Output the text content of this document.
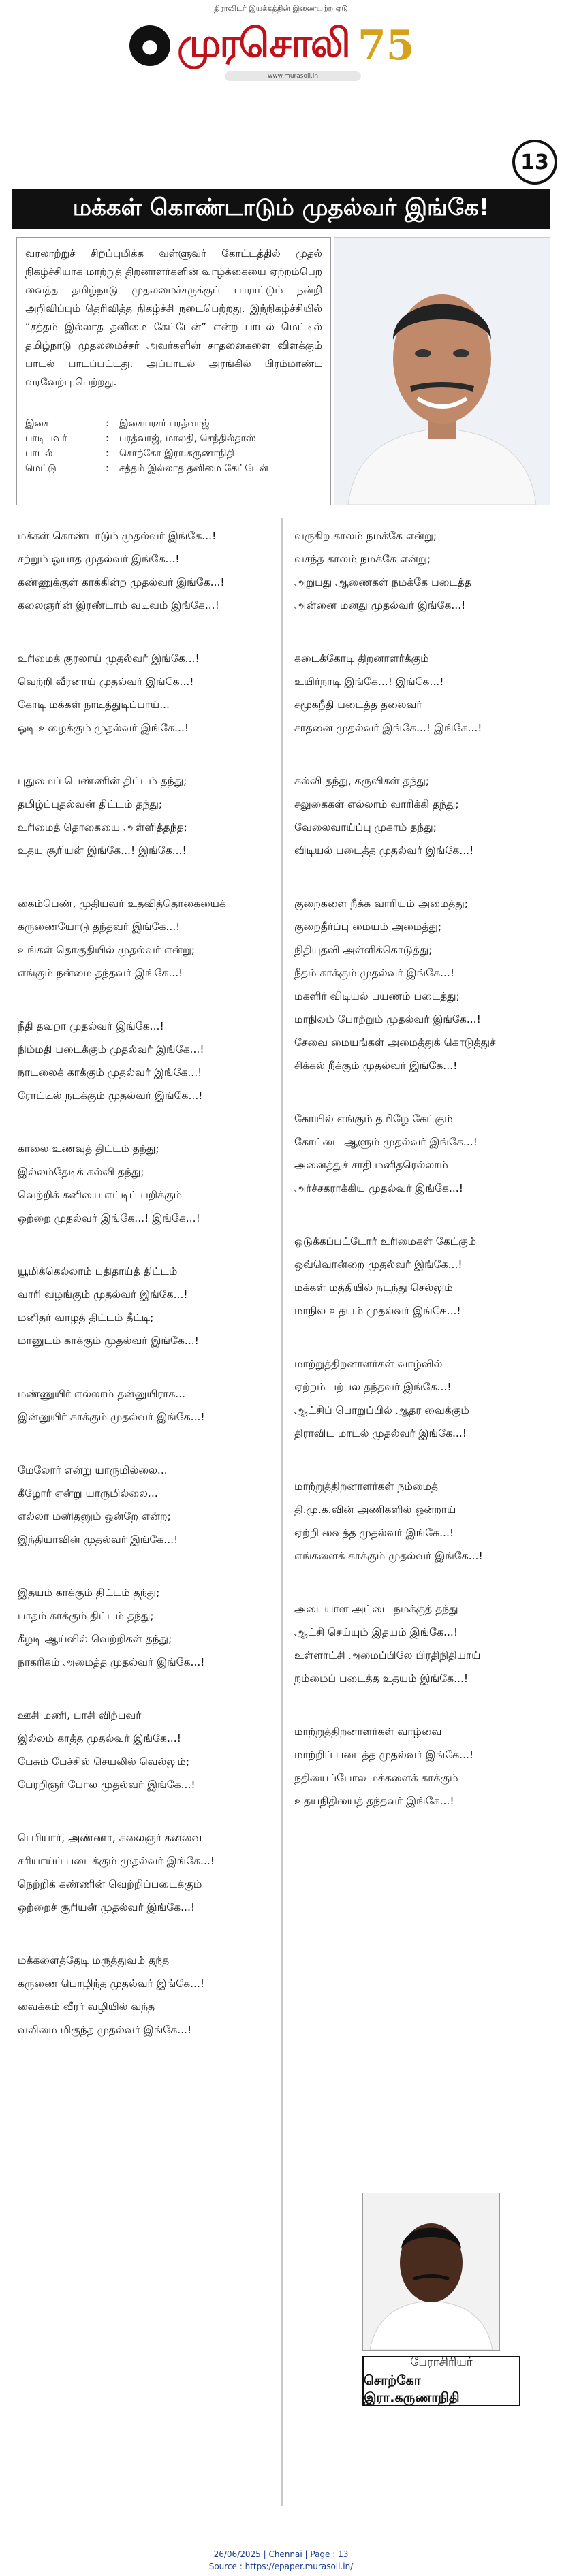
திராவிடர் இயக்கத்தின் இணையற்ற ஏடு
● முரசொலி 75
www.murasoli.in
13
மக்கள் கொண்டாடும் முதல்வர் இங்கே!
வரலாற்றுச் சிறப்புமிக்க வள்ளுவர் கோட்டத்தில் முதல் நிகழ்ச்சியாக மாற்றுத் திறனாளர்களின் வாழ்க்கையை ஏற்றம்பெற வைத்த தமிழ்நாடு முதலமைச்சருக்குப் பாராட்டும் நன்றி அறிவிப்பும் தெரிவித்த நிகழ்ச்சி நடைபெற்றது. இந்நிகழ்ச்சியில் “சத்தம் இல்லாத தனிமை கேட்டேன்” என்ற பாடல் மெட்டில் தமிழ்நாடு முதலமைச்சர் அவர்களின் சாதனைகளை விளக்கும் பாடல் பாடப்பட்டது. அப்பாடல் அரங்கில் பிரம்மாண்ட வரவேற்பு பெற்றது.
இசை	:	இசையரசர் பரத்வாஜ்
பாடியவர்	:	பரத்வாஜ், மாலதி, செந்தில்தாஸ்
பாடல்	:	சொற்கோ இரா.கருணாநிதி
மெட்டு	:	சத்தம் இல்லாத தனிமை கேட்டேன்
மக்கள் கொண்டாடும் முதல்வர் இங்கே...!
சற்றும் ஓயாத முதல்வர் இங்கே...!
கண்ணுக்குள் காக்கின்ற முதல்வர் இங்கே...!
கலைஞரின் இரண்டாம் வடிவம் இங்கே...!
உரிமைக் குரலாய் முதல்வர் இங்கே...!
வெற்றி வீரனாய் முதல்வர் இங்கே...!
கோடி மக்கள் நாடித்துடிப்பாய்...
ஓடி உழைக்கும் முதல்வர் இங்கே...!
புதுமைப் பெண்ணின் திட்டம் தந்து;
தமிழ்ப்புதல்வன் திட்டம் தந்து;
உரிமைத் தொகையை அள்ளித்தந்த;
உதய சூரியன் இங்கே...! இங்கே...!
கைம்பெண், முதியவர் உதவித்தொகையைக்
கருணையோடு தந்தவர் இங்கே...!
உங்கள் தொகுதியில் முதல்வர் என்று;
எங்கும் நன்மை தந்தவர் இங்கே...!
நீதி தவறா முதல்வர் இங்கே...!
நிம்மதி படைக்கும் முதல்வர் இங்கே...!
நாடலைக் காக்கும் முதல்வர் இங்கே...!
ரோட்டில் நடக்கும் முதல்வர் இங்கே...!
காலை உணவுத் திட்டம் தந்து;
இல்லம்தேடிக் கல்வி தந்து;
வெற்றிக் கனியை எட்டிப் பறிக்கும்
ஒற்றை முதல்வர் இங்கே...! இங்கே...!
யூமிக்கெல்லாம் புதிதாய்த் திட்டம்
வாரி வழங்கும் முதல்வர் இங்கே...!
மனிதர் வாழத் திட்டம் தீட்டி;
மானுடம் காக்கும் முதல்வர் இங்கே...!
மண்ணுயிர் எல்லாம் தன்னுயிராக...
இன்னுயிர் காக்கும் முதல்வர் இங்கே...!
மேலோர் என்று யாருமில்லை...
கீழோர் என்று யாருமில்லை...
எல்லா மனிதனும் ஒன்றே என்ற;
இந்தியாவின் முதல்வர் இங்கே...!
இதயம் காக்கும் திட்டம் தந்து;
பாதம் காக்கும் திட்டம் தந்து;
கீழடி ஆய்வில் வெற்றிகள் தந்து;
நாகரிகம் அமைத்த முதல்வர் இங்கே...!
ஊசி மணி, பாசி விற்பவர்
இல்லம் காத்த முதல்வர் இங்கே...!
பேசும் பேச்சில் செயலில் வெல்லும்;
பேரறிஞர் போல முதல்வர் இங்கே...!
பெரியார், அண்ணா, கலைஞர் கனவை
சரியாய்ப் படைக்கும் முதல்வர் இங்கே...!
நெற்றிக் கண்ணின் வெற்றிப்படைக்கும்
ஒற்றைச் சூரியன் முதல்வர் இங்கே...!
மக்களைத்தேடி மருத்துவம் தந்த
கருணை பொழிந்த முதல்வர் இங்கே...!
வைக்கம் வீரர் வழியில் வந்த
வலிமை மிகுந்த முதல்வர் இங்கே...!
வருகிற காலம் நமக்கே என்று;
வசந்த காலம் நமக்கே என்று;
அறுபது ஆணைகள் நமக்கே படைத்த
அன்னை மனது முதல்வர் இங்கே...!
கடைக்கோடி திறனாளர்க்கும்
உயிர்நாடி இங்கே...! இங்கே...!
சமூகநீதி படைத்த தலைவர்
சாதனை முதல்வர் இங்கே...! இங்கே...!
கல்வி தந்து, கருவிகள் தந்து;
சலுகைகள் எல்லாம் வாரிக்கி தந்து;
வேலைவாய்ப்பு முகாம் தந்து;
விடியல் படைத்த முதல்வர் இங்கே...!
குறைகளை நீக்க வாரியம் அமைத்து;
குறைதீர்ப்பு மையம் அமைத்து;
நிதியுதவி அள்ளிக்கொடுத்து;
நீதம் காக்கும் முதல்வர் இங்கே...!
மகளிர் விடியல் பயணம் படைத்து;
மாநிலம் போற்றும் முதல்வர் இங்கே...!
சேவை மையங்கள் அமைத்துக் கொடுத்துச்
சிக்கல் நீக்கும் முதல்வர் இங்கே...!
கோயில் எங்கும் தமிழே கேட்கும்
கோட்டை ஆளும் முதல்வர் இங்கே...!
அனைத்துச் சாதி மனிதரெல்லாம்
அர்ச்சகராக்கிய முதல்வர் இங்கே...!
ஒடுக்கப்பட்டோர் உரிமைகள் கேட்கும்
ஒவ்வொன்றை முதல்வர் இங்கே...!
மக்கள் மத்தியில் நடந்து செல்லும்
மாநில உதயம் முதல்வர் இங்கே...!
மாற்றுத்திறனாளர்கள் வாழ்வில்
ஏற்றம் பற்பல தந்தவர் இங்கே...!
ஆட்சிப் பொறுப்பில் ஆதர வைக்கும்
திராவிட மாடல் முதல்வர் இங்கே...!
மாற்றுத்திறனாளர்கள் நம்மைத்
தி.மு.க.வின் அணிகளில் ஒன்றாய்
ஏற்றி வைத்த முதல்வர் இங்கே...!
எங்களைக் காக்கும் முதல்வர் இங்கே...!
அடையாள அட்டை நமக்குத் தந்து
ஆட்சி செய்யும் இதயம் இங்கே...!
உள்ளாட்சி அமைப்பிலே பிரதிநிதியாய்
நம்மைப் படைத்த உதயம் இங்கே...!
மாற்றுத்திறனாளர்கள் வாழ்வை
மாற்றிப் படைத்த முதல்வர் இங்கே...!
நதியைப்போல மக்களைக் காக்கும்
உதயநிதியைத் தந்தவர் இங்கே...!
பேராசிரியர்
சொற்கோ இரா.கருணாநிதி
26/06/2025 | Chennai | Page : 13
Source : https://epaper.murasoli.in/
